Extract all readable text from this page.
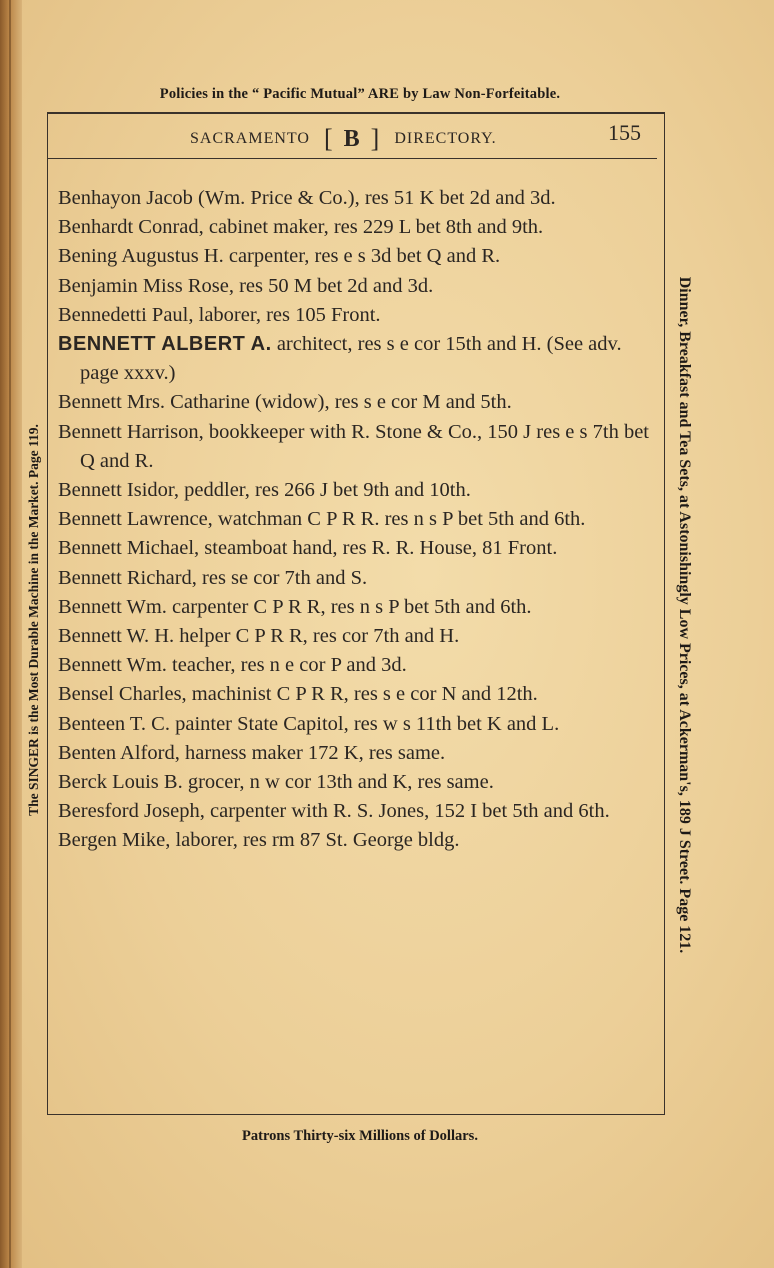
Policies in the “ Pacific Mutual” ARE by Law Non-Forfeitable.
SACRAMENTO [ B ] DIRECTORY.	155
The SINGER is the Most Durable Machine in the Market. Page 119.	Dinner, Breakfast and Tea Sets, at Astonishingly Low Prices, at Ackerman's, 189 J Street. Page 121.

Benhayon Jacob (Wm. Price & Co.), res 51 K bet 2d and 3d.

Benhardt Conrad, cabinet maker, res 229 L bet 8th and 9th.

Bening Augustus H. carpenter, res e s 3d bet Q and R.

Benjamin Miss Rose, res 50 M bet 2d and 3d.

Bennedetti Paul, laborer, res 105 Front.

BENNETT ALBERT A. architect, res s e cor 15th and H. (See adv. page xxxv.)

Bennett Mrs. Catharine (widow), res s e cor M and 5th.

Bennett Harrison, bookkeeper with R. Stone & Co., 150 J res e s 7th bet Q and R.

Bennett Isidor, peddler, res 266 J bet 9th and 10th.

Bennett Lawrence, watchman C P R R. res n s P bet 5th and 6th.

Bennett Michael, steamboat hand, res R. R. House, 81 Front.

Bennett Richard, res se cor 7th and S.

Bennett Wm. carpenter C P R R, res n s P bet 5th and 6th.

Bennett W. H. helper C P R R, res cor 7th and H.

Bennett Wm. teacher, res n e cor P and 3d.

Bensel Charles, machinist C P R R, res s e cor N and 12th.

Benteen T. C. painter State Capitol, res w s 11th bet K and L.

Benten Alford, harness maker 172 K, res same.

Berck Louis B. grocer, n w cor 13th and K, res same.

Beresford Joseph, carpenter with R. S. Jones, 152 I bet 5th and 6th.

Bergen Mike, laborer, res rm 87 St. George bldg.

Patrons Thirty-six Millions of Dollars.
